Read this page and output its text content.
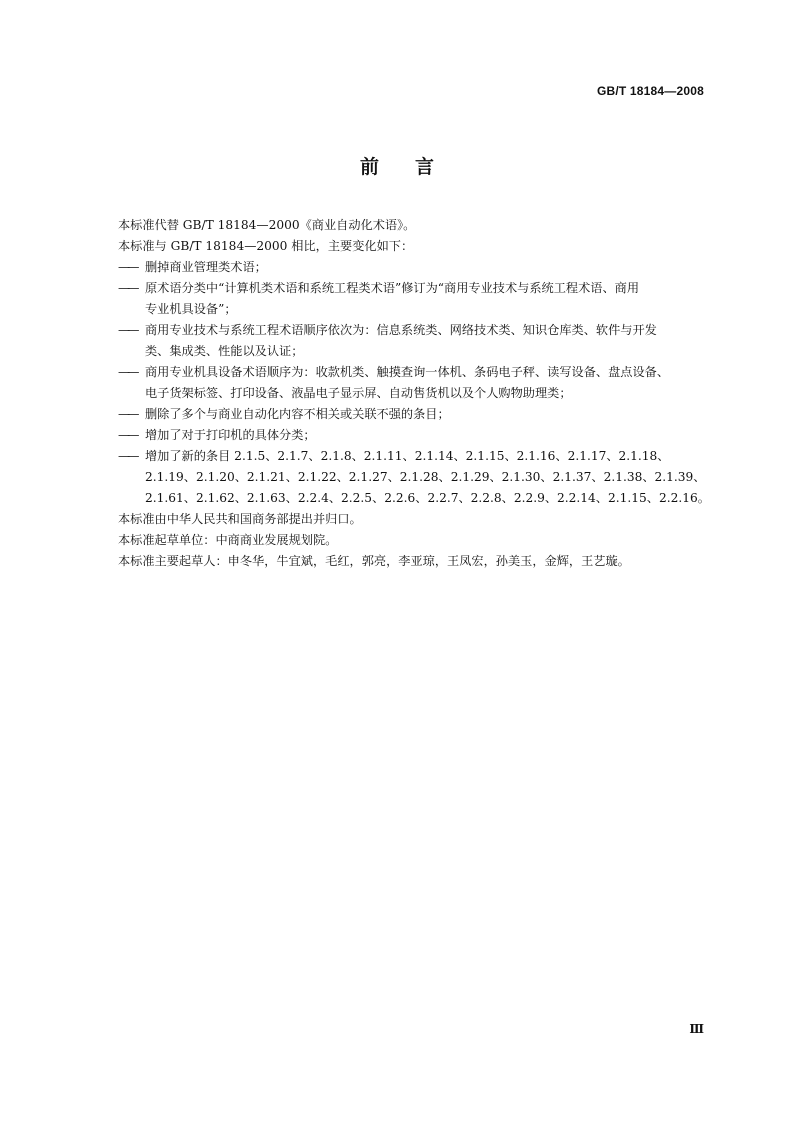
GB/T 18184—2008
前言

本标准代替 GB/T 18184—2000《商业自动化术语》。

本标准与 GB/T 18184—2000 相比，主要变化如下：

—— 删掉商业管理类术语；
—— 原术语分类中“计算机类术语和系统工程类术语”修订为“商用专业技术与系统工程术语、商用
专业机具设备”；
—— 商用专业技术与系统工程术语顺序依次为：信息系统类、网络技术类、知识仓库类、软件与开发
类、集成类、性能以及认证；
—— 商用专业机具设备术语顺序为：收款机类、触摸查询一体机、条码电子秤、读写设备、盘点设备、
电子货架标签、打印设备、液晶电子显示屏、自动售货机以及个人购物助理类；
—— 删除了多个与商业自动化内容不相关或关联不强的条目；
—— 增加了对于打印机的具体分类；
—— 增加了新的条目 2.1.5、2.1.7、2.1.8、2.1.11、2.1.14、2.1.15、2.1.16、2.1.17、2.1.18、
2.1.19、2.1.20、2.1.21、2.1.22、2.1.27、2.1.28、2.1.29、2.1.30、2.1.37、2.1.38、2.1.39、
2.1.61、2.1.62、2.1.63、2.2.4、2.2.5、2.2.6、2.2.7、2.2.8、2.2.9、2.2.14、2.1.15、2.2.16。

本标准由中华人民共和国商务部提出并归口。

本标准起草单位：中商商业发展规划院。

本标准主要起草人：申冬华，牛宜斌，毛红，郭亮，李亚琼，王凤宏，孙美玉，金辉，王艺璇。

Ⅲ
